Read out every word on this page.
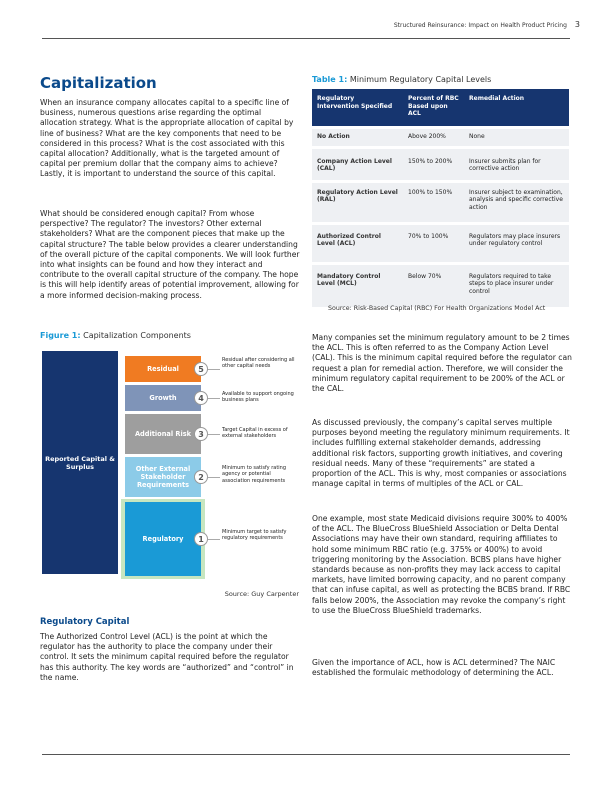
Structured Reinsurance: Impact on Health Product Pricing 3
Capitalization

When an insurance company allocates capital to a specific line of business, numerous questions arise regarding the optimal allocation strategy. What is the appropriate allocation of capital by line of business? What are the key components that need to be considered in this process? What is the cost associated with this capital allocation? Additionally, what is the targeted amount of capital per premium dollar that the company aims to achieve? Lastly, it is important to understand the source of this capital.

What should be considered enough capital? From whose perspective? The regulator? The investors? Other external stakeholders? What are the component pieces that make up the capital structure? The table below provides a clearer understanding of the overall picture of the capital components. We will look further into what insights can be found and how they interact and contribute to the overall capital structure of the company. The hope is this will help identify areas of potential improvement, allowing for a more informed decision-making process.

Figure 1: Capitalization Components
Reported Capital & Surplus
Residual
Growth
Additional Risk
Other External Stakeholder Requirements
Regulatory
5
Residual after considering all other capital needs
4	Available to support ongoing business plans
3	Target Capital in excess of external stakeholders
2
Minimum to satisfy rating agency or potential association requirements
1
Minimum target to satisfy regulatory requirements
Source: Guy Carpenter
Regulatory Capital

The Authorized Control Level (ACL) is the point at which the regulator has the authority to place the company under their control. It sets the minimum capital required before the regulator has this authority. The key words are “authorized” and “control” in the name.

Table 1: Minimum Regulatory Capital Levels
Regulatory Intervention Specified	Percent of RBC Based upon ACL	Remedial Action
No Action	Above 200%	None
Company Action Level (CAL)	150% to 200%	Insurer submits plan for corrective action
Regulatory Action Level (RAL)	100% to 150%	Insurer subject to examination, analysis and specific corrective action
Authorized Control Level (ACL)	70% to 100%	Regulators may place insurers under regulatory control
Mandatory Control Level (MCL)	Below 70%	Regulators required to take steps to place insurer under control
Source: Risk-Based Capital (RBC) For Health Organizations Model Act

Many companies set the minimum regulatory amount to be 2 times the ACL. This is often referred to as the Company Action Level (CAL). This is the minimum capital required before the regulator can request a plan for remedial action. Therefore, we will consider the minimum regulatory capital requirement to be 200% of the ACL or the CAL.

As discussed previously, the company’s capital serves multiple purposes beyond meeting the regulatory minimum requirements. It includes fulfilling external stakeholder demands, addressing additional risk factors, supporting growth initiatives, and covering residual needs. Many of these “requirements” are stated a proportion of the ACL. This is why, most companies or associations manage capital in terms of multiples of the ACL or CAL.

One example, most state Medicaid divisions require 300% to 400% of the ACL. The BlueCross BlueShield Association or Delta Dental Associations may have their own standard, requiring affiliates to hold some minimum RBC ratio (e.g. 375% or 400%) to avoid triggering monitoring by the Association. BCBS plans have higher standards because as non-profits they may lack access to capital markets, have limited borrowing capacity, and no parent company that can infuse capital, as well as protecting the BCBS brand. If RBC falls below 200%, the Association may revoke the company’s right to use the BlueCross BlueShield trademarks.

Given the importance of ACL, how is ACL determined? The NAIC established the formulaic methodology of determining the ACL.
